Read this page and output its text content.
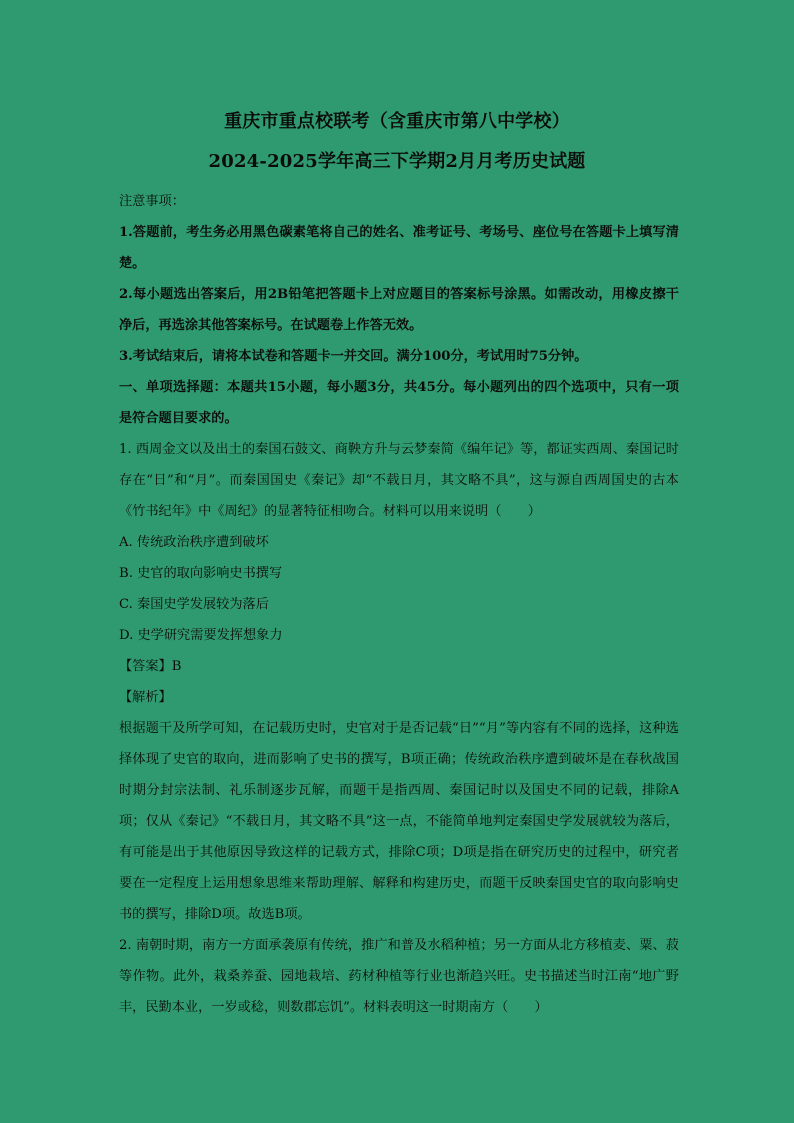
重庆市重点校联考（含重庆市第八中学校）
2024-2025学年高三下学期2月月考历史试题

注意事项：

1.答题前，考生务必用黑色碳素笔将自己的姓名、准考证号、考场号、座位号在答题卡上填写清楚。

2.每小题选出答案后，用2B铅笔把答题卡上对应题目的答案标号涂黑。如需改动，用橡皮擦干净后，再选涂其他答案标号。在试题卷上作答无效。

3.考试结束后，请将本试卷和答题卡一并交回。满分100分，考试用时75分钟。

一、单项选择题：本题共15小题，每小题3分，共45分。每小题列出的四个选项中，只有一项是符合题目要求的。

1. 西周金文以及出土的秦国石鼓文、商鞅方升与云梦秦简《编年记》等，都证实西周、秦国记时存在“日”和“月”。而秦国国史《秦记》却“不载日月，其文略不具”，这与源自西周国史的古本《竹书纪年》中《周纪》的显著特征相吻合。材料可以用来说明（　　）

A. 传统政治秩序遭到破坏

B. 史官的取向影响史书撰写

C. 秦国史学发展较为落后

D. 史学研究需要发挥想象力

【答案】B

【解析】

根据题干及所学可知，在记载历史时，史官对于是否记载“日”“月”等内容有不同的选择，这种选择体现了史官的取向，进而影响了史书的撰写，B项正确；传统政治秩序遭到破坏是在春秋战国时期分封宗法制、礼乐制逐步瓦解，而题干是指西周、秦国记时以及国史不同的记载，排除A项；仅从《秦记》“不载日月，其文略不具”这一点，不能简单地判定秦国史学发展就较为落后，有可能是出于其他原因导致这样的记载方式，排除C项；D项是指在研究历史的过程中，研究者要在一定程度上运用想象思维来帮助理解、解释和构建历史，而题干反映秦国史官的取向影响史书的撰写，排除D项。故选B项。

2. 南朝时期，南方一方面承袭原有传统，推广和普及水稻种植；另一方面从北方移植麦、粟、菽等作物。此外，栽桑养蚕、园地栽培、药材种植等行业也渐趋兴旺。史书描述当时江南“地广野丰，民勤本业，一岁或稔，则数郡忘饥”。材料表明这一时期南方（　　）
